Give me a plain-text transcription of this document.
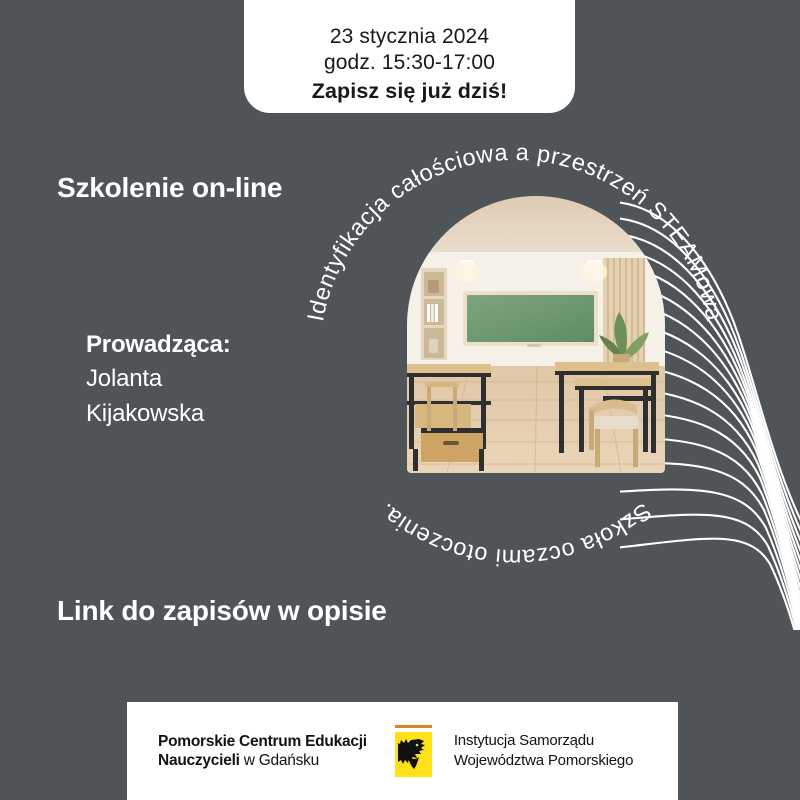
Identyfikacja całościowa a przestrzeń STEAMowa
Szkoła oczami otoczenia.
23 stycznia 2024
godz. 15:30-17:00
Zapisz się już dziś!
Szkolenie on-line
Prowadząca:
Jolanta
Kijakowska
Link do zapisów w opisie
Pomorskie Centrum Edukacji
Nauczycieli w Gdańsku
Instytucja Samorządu
Województwa Pomorskiego
